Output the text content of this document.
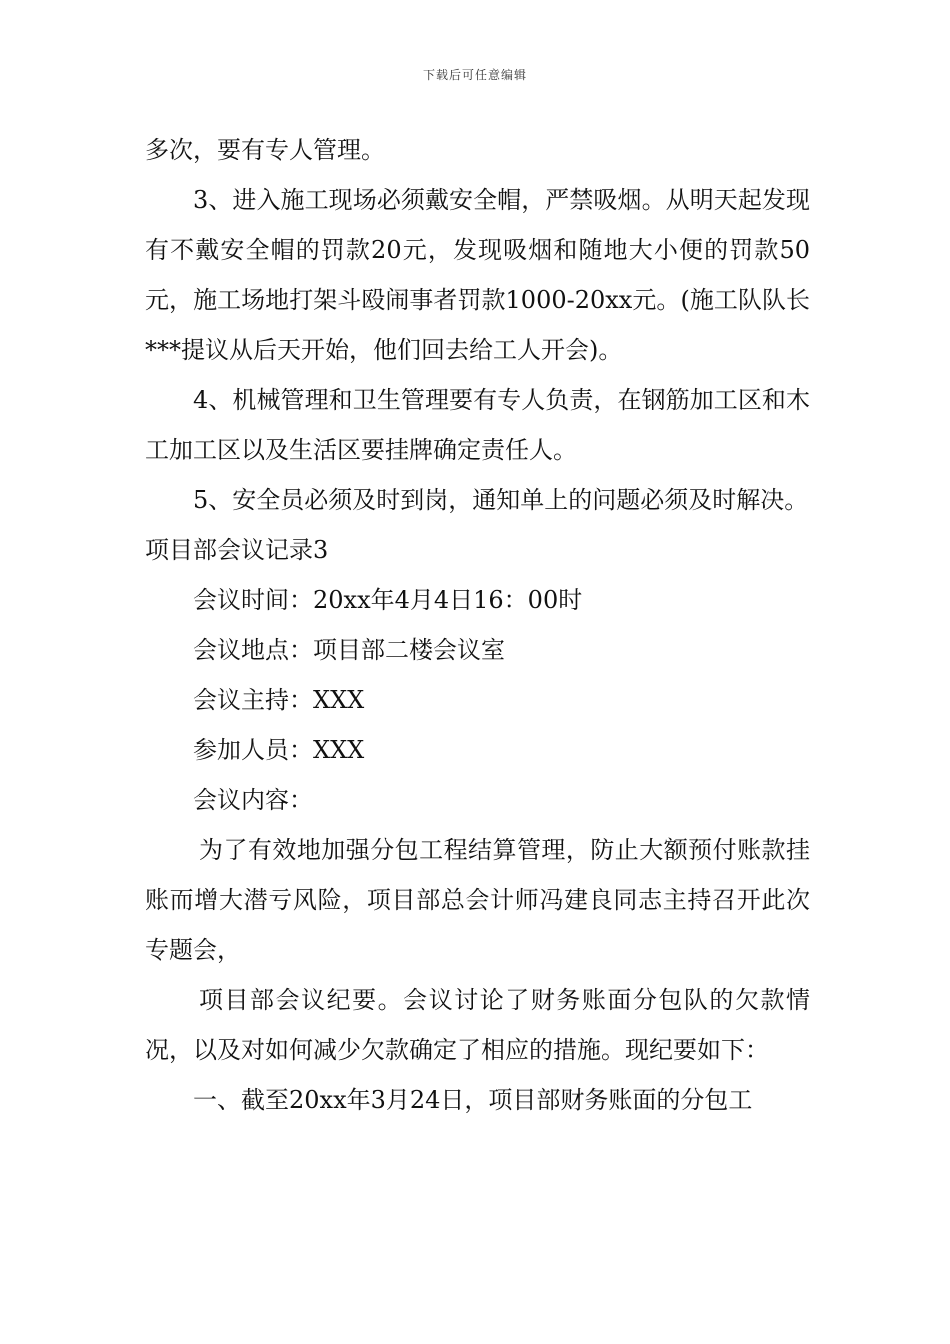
下载后可任意编辑

多次，要有专人管理。

3、进入施工现场必须戴安全帽，严禁吸烟。从明天起发现有不戴安全帽的罚款20元，发现吸烟和随地大小便的罚款50元，施工场地打架斗殴闹事者罚款1000-20xx元。(施工队队长***提议从后天开始，他们回去给工人开会)。

4、机械管理和卫生管理要有专人负责，在钢筋加工区和木工加工区以及生活区要挂牌确定责任人。

5、安全员必须及时到岗，通知单上的问题必须及时解决。

项目部会议记录3

会议时间：20xx年4月4日16：00时

会议地点：项目部二楼会议室

会议主持：XXX

参加人员：XXX

会议内容：

为了有效地加强分包工程结算管理，防止大额预付账款挂账而增大潜亏风险，项目部总会计师冯建良同志主持召开此次专题会，

项目部会议纪要。会议讨论了财务账面分包队的欠款情况，以及对如何减少欠款确定了相应的措施。现纪要如下：

一、截至20xx年3月24日，项目部财务账面的分包工
